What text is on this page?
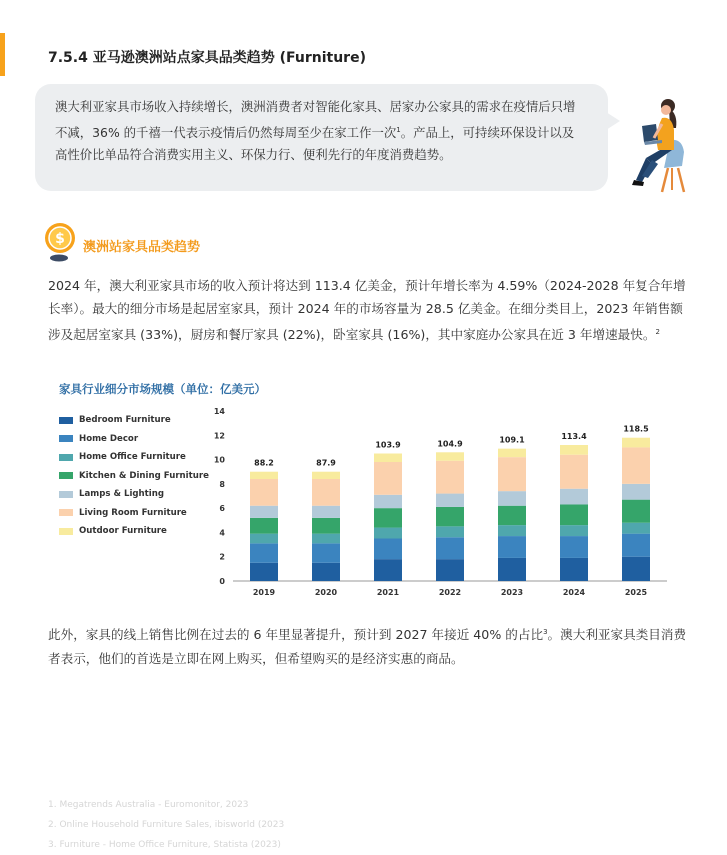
7.5.4 亚马逊澳洲站点家具品类趋势 (Furniture)
澳大利亚家具市场收入持续增长，澳洲消费者对智能化家具、居家办公家具的需求在疫情后只增不减，36% 的千禧一代表示疫情后仍然每周至少在家工作一次$^1$。产品上，可持续环保设计以及高性价比单品符合消费实用主义、环保力行、便利先行的年度消费趋势。
$
澳洲站家具品类趋势
2024 年，澳大利亚家具市场的收入预计将达到 113.4 亿美金，预计年增长率为 4.59%（2024-2028 年复合年增长率）。最大的细分市场是起居室家具，预计 2024 年的市场容量为 28.5 亿美金。在细分类目上，2023 年销售额涉及起居室家具 (33%)，厨房和餐厅家具 (22%)，卧室家具 (16%)，其中家庭办公家具在近 3 年增速最快。$^2$
家具行业细分市场规模（单位：亿美元）
Bedroom Furniture
Home Decor
Home Office Furniture
Kitchen & Dining Furniture
Lamps & Lighting
Living Room Furniture
Outdoor Furniture
0
2
4
6
8
10
12
14
88.2
2019
87.9
2020
103.9
2021
104.9
2022
109.1
2023
113.4
2024
118.5
2025
此外，家具的线上销售比例在过去的 6 年里显著提升，预计到 2027 年接近 40% 的占比$^3$。澳大利亚家具类目消费者表示，他们的首选是立即在网上购买，但希望购买的是经济实惠的商品。
1. Megatrends Australia - Euromonitor, 2023
2. Online Household Furniture Sales, ibisworld (2023
3. Furniture - Home Office Furniture, Statista (2023)
